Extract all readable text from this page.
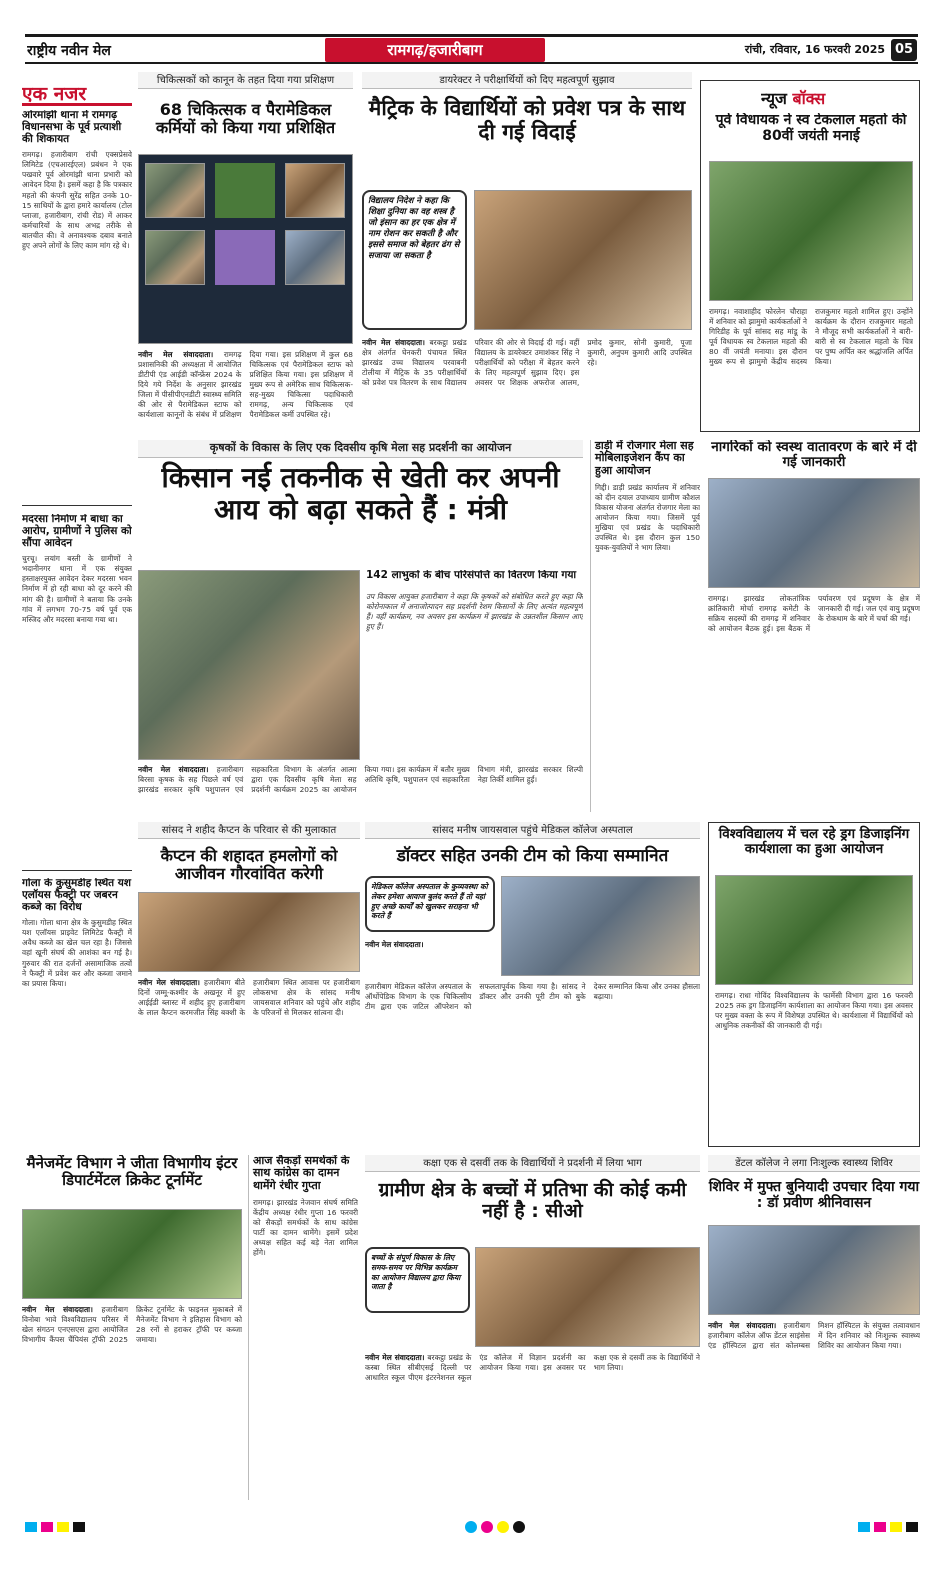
राष्ट्रीय नवीन मेल	रामगढ़/हजारीबाग	रांची, रविवार, 16 फरवरी 2025 05
एक नजर
ओरमांझी थाना में रामगढ़ विधानसभा के पूर्व प्रत्याशी की शिकायत
रामगढ़। हजारीबाग रांची एक्सप्रेसवे लिमिटेड (एचआरईएल) प्रबंधन ने एक पखवारे पूर्व ओरमांझी थाना प्रभारी को आवेदन दिया है। इसमें कहा है कि पत्रकार महतो की कंपनी सुरेंद्र सहित उनके 10-15 साथियों के द्वारा हमारे कार्यालय (टोल प्लाजा, हजारीबाग, रांची रोड) में आकर कर्मचारियों के साथ अभद्र तरीके से बातचीत की। वे अनावश्यक दबाव बनाते हुए अपने लोगों के लिए काम मांग रहे थे।
मदरसा निर्माण में बाधा का आरोप, ग्रामीणों ने पुलिस को सौंपा आवेदन
चुरचू। लयांग बस्ती के ग्रामीणों ने भदानीनगर थाना में एक संयुक्त हस्ताक्षरयुक्त आवेदन देकर मदरसा भवन निर्माण में हो रही बाधा को दूर करने की मांग की है। ग्रामीणों ने बताया कि उनके गांव में लगभग 70-75 वर्ष पूर्व एक मस्जिद और मदरसा बनाया गया था।
गोला के कुसुमडीह स्थित यश एलॉयस फैक्ट्री पर जबरन कब्जे का विरोध
गोला। गोला थाना क्षेत्र के कुसुमडीह स्थित यश एलॉयस प्राइवेट लिमिटेड फैक्ट्री में अवैध कब्जे का खेल चल रहा है। जिससे वहां खूनी संघर्ष की आशंका बन गई है। गुरुवार की रात दर्जनों असामाजिक तत्वों ने फैक्ट्री में प्रवेश कर और कब्जा जमाने का प्रयास किया।
चिकित्सकों को कानून के तहत दिया गया प्रशिक्षण
68 चिकित्सक व पैरामेडिकल कर्मियों को किया गया प्रशिक्षित
नवीन मेल संवाददाता। रामगढ़ प्रशासनिकी की अध्यक्षता में आयोजित डीटीपी एंड आईडी कॉन्फ्रेंस 2024 के दिये गये निर्देश के अनुसार झारखंड जिला में पीसीपीएनडीटी स्वास्थ्य समिति की ओर से पैरामेडिकल स्टाफ को कार्यशाला कानूनों के संबंध में प्रशिक्षण दिया गया। इस प्रशिक्षण में कुल 68 चिकित्सक एवं पैरामेडिकल स्टाफ को प्रशिक्षित किया गया। इस प्रशिक्षण में मुख्य रूप से अमेरिक साथ चिकित्सक-सह-मुख्य चिकित्सा पदाधिकारी रामगढ़, अन्य चिकित्सक एवं पैरामेडिकल कर्मी उपस्थित रहे।
डायरेक्टर ने परीक्षार्थियों को दिए महत्वपूर्ण सुझाव
मैट्रिक के विद्यार्थियों को प्रवेश पत्र के साथ दी गई विदाई
विद्यालय निदेश ने कहा कि शिक्षा दुनिया का वह शस्त्र है जो इंसान का हर एक क्षेत्र में नाम रोशन कर सकती है और इससे समाज को बेहतर ढंग से सजाया जा सकता है
नवीन मेल संवाददाता। बरकट्ठा प्रखंड क्षेत्र अंतर्गत घेनकरी पंचायत स्थित झारखंड उच्च विद्यालय परवाबनी टोलीया में मैट्रिक के 35 परीक्षार्थियों को प्रवेश पत्र वितरण के साथ विद्यालय परिवार की ओर से विदाई दी गई। वहीं विद्यालय के डायरेक्टर उमाशंकर सिंह ने परीक्षार्थियों को परीक्षा में बेहतर करने के लिए महत्वपूर्ण सुझाव दिए। इस अवसर पर शिक्षक अफरोज आलम, प्रमोद कुमार, सोनी कुमारी, पूजा कुमारी, अनुपम कुमारी आदि उपस्थित रहे।
न्यूज बॉक्स
पूर्व विधायक ने स्व टेकलाल महतो की 80वीं जयंती मनाई
रामगढ़। नवाशाहीद फोरलेन चौराहा में शनिवार को झामुमो कार्यकर्ताओं ने गिरिडीह के पूर्व सांसद सह मांडू के पूर्व विधायक स्व टेकलाल महतो की 80 वीं जयंती मनाया। इस दौरान मुख्य रूप से झामुमो केंद्रीय सदस्य राजकुमार महतो शामिल हुए। उन्होंने कार्यक्रम के दौरान राजकुमार महतो ने मौजूद सभी कार्यकर्ताओं ने बारी-बारी से स्व टेकलाल महतो के चित्र पर पुष्प अर्पित कर श्रद्धांजलि अर्पित किया।
कृषकों के विकास के लिए एक दिवसीय कृषि मेला सह प्रदर्शनी का आयोजन
किसान नई तकनीक से खेती कर अपनी आय को बढ़ा सकते हैं : मंत्री
142 लाभुकों के बीच परिसंपत्ति का वितरण किया गया
उप विकास आयुक्त हजारीबाग ने कहा कि कृषकों को संबोधित करते हुए कहा कि कोरोनाकाल में अनाजोत्पादन सह प्रदर्शनी रेशम किसानों के लिए अत्यंत महत्वपूर्ण हैं। वहीं कार्यक्रम, नव अवसर इस कार्यक्रम में झारखंड के उन्नतशील किसान आए हुए हैं।
नवीन मेल संवाददाता। हजारीबाग बिरसा कृषक के सह पिछले वर्ष एवं झारखंड सरकार कृषि पशुपालन एवं सहकारिता विभाग के अंतर्गत आत्मा द्वारा एक दिवसीय कृषि मेला सह प्रदर्शनी कार्यक्रम 2025 का आयोजन किया गया। इस कार्यक्रम में बतौर मुख्य अतिथि कृषि, पशुपालन एवं सहकारिता विभाग मंत्री, झारखंड सरकार शिल्पी नेहा तिर्की शामिल हुईं।
डाड़ी में रोजगार मेला सह मोबिलाइजेशन कैंप का हुआ आयोजन
गिद्दी। डाड़ी प्रखंड कार्यालय में शनिवार को दीन दयाल उपाध्याय ग्रामीण कौशल विकास योजना अंतर्गत रोजगार मेला का आयोजन किया गया। जिसमें पूर्व मुखिया एवं प्रखंड के पदाधिकारी उपस्थित थे। इस दौरान कुल 150 युवक-युवतियों ने भाग लिया।
नागरिकों को स्वस्थ वातावरण के बारे में दी गई जानकारी
रामगढ़। झारखंड लोकतांत्रिक क्रांतिकारी मोर्चा रामगढ़ कमेटी के सक्रिय सदस्यों की रामगढ़ में शनिवार को आयोजन बैठक हुई। इस बैठक में पर्यावरण एवं प्रदूषण के क्षेत्र में जानकारी दी गई। जल एवं वायु प्रदूषण के रोकथाम के बारे में चर्चा की गई।
सांसद ने शहीद कैप्टन के परिवार से की मुलाकात
कैप्टन की शहादत हमलोगों को आजीवन गौरवांवित करेगी
नवीन मेल संवाददाता। हजारीबाग बीते दिनों जम्मू-कश्मीर के अखनूर में हुए आईईडी ब्लास्ट में शहीद हुए हजारीबाग के लाल कैप्टन करमजीत सिंह बक्शी के हजारीबाग स्थित आवास पर हजारीबाग लोकसभा क्षेत्र के सांसद मनीष जायसवाल शनिवार को पहुंचे और शहीद के परिजनों से मिलकर सांत्वना दी।
सांसद मनीष जायसवाल पहुंचे मेडिकल कॉलेज अस्पताल
डॉक्टर सहित उनकी टीम को किया सम्मानित
मेडिकल कॉलेज अस्पताल के कुव्यवस्था को लेकर हमेशा आवाज बुलंद करते हैं तो यहां हुए अच्छे कार्यों को खुलकर सराहना भी करते हैं
नवीन मेल संवाददाता।
हजारीबाग मेडिकल कॉलेज अस्पताल के ऑर्थोपेडिक विभाग के एक चिकित्सीय टीम द्वारा एक जटिल ऑपरेशन को सफलतापूर्वक किया गया है। सांसद ने डॉक्टर और उनकी पूरी टीम को बुके देकर सम्मानित किया और उनका हौसला बढ़ाया।
विश्वविद्यालय में चल रहे ड्रग डिजाइनिंग कार्यशाला का हुआ आयोजन
रामगढ़। राधा गोविंद विश्वविद्यालय के फार्मेसी विभाग द्वारा 16 फरवरी 2025 तक ड्रग डिजाइनिंग कार्यशाला का आयोजन किया गया। इस अवसर पर मुख्य वक्ता के रूप में विशेषज्ञ उपस्थित थे। कार्यशाला में विद्यार्थियों को आधुनिक तकनीकों की जानकारी दी गई।
मैनेजमेंट विभाग ने जीता विभागीय इंटर डिपार्टमेंटल क्रिकेट टूर्नामेंट
नवीन मेल संवाददाता। हजारीबाग विनोबा भावे विश्वविद्यालय परिसर में खेल संगठन एनएसएस द्वारा आयोजित विभागीय कैंपस चैंपियंस ट्रॉफी 2025 क्रिकेट टूर्नामेंट के फाइनल मुकाबले में मैनेजमेंट विभाग ने इतिहास विभाग को 28 रनों से हराकर ट्रॉफी पर कब्जा जमाया।
आज सैकड़ों समर्थकों के साथ कांग्रेस का दामन थामेंगे रंधीर गुप्ता
रामगढ़। झारखंड नेजवान संघर्ष समिति केंद्रीय अध्यक्ष रंधीर गुप्ता 16 फरवरी को सैकड़ों समर्थकों के साथ कांग्रेस पार्टी का दामन थामेंगे। इसमें प्रदेश अध्यक्ष सहित कई बड़े नेता शामिल होंगे।
कक्षा एक से दसवीं तक के विद्यार्थियों ने प्रदर्शनी में लिया भाग
ग्रामीण क्षेत्र के बच्चों में प्रतिभा की कोई कमी नहीं है : सीओ
बच्चों के संपूर्ण विकास के लिए समय-समय पर विभिन्न कार्यक्रम का आयोजन विद्यालय द्वारा किया जाता है
नवीन मेल संवाददाता। बरकट्ठा प्रखंड के कस्बा स्थित सीबीएसई दिल्ली पर आधारित स्कूल पीएम इंटरनेशनल स्कूल एंड कॉलेज में विज्ञान प्रदर्शनी का आयोजन किया गया। इस अवसर पर कक्षा एक से दसवीं तक के विद्यार्थियों ने भाग लिया।
डेंटल कॉलेज ने लगा निःशुल्क स्वास्थ्य शिविर
शिविर में मुफ्त बुनियादी उपचार दिया गया : डॉ प्रवीण श्रीनिवासन
नवीन मेल संवाददाता। हजारीबाग हजारीबाग कॉलेज ऑफ डेंटल साइंसेस एंड हॉस्पिटल द्वारा संत कोलम्बस मिशन हॉस्पिटल के संयुक्त तत्वावधान में दिन शनिवार को निःशुल्क स्वास्थ्य शिविर का आयोजन किया गया।
